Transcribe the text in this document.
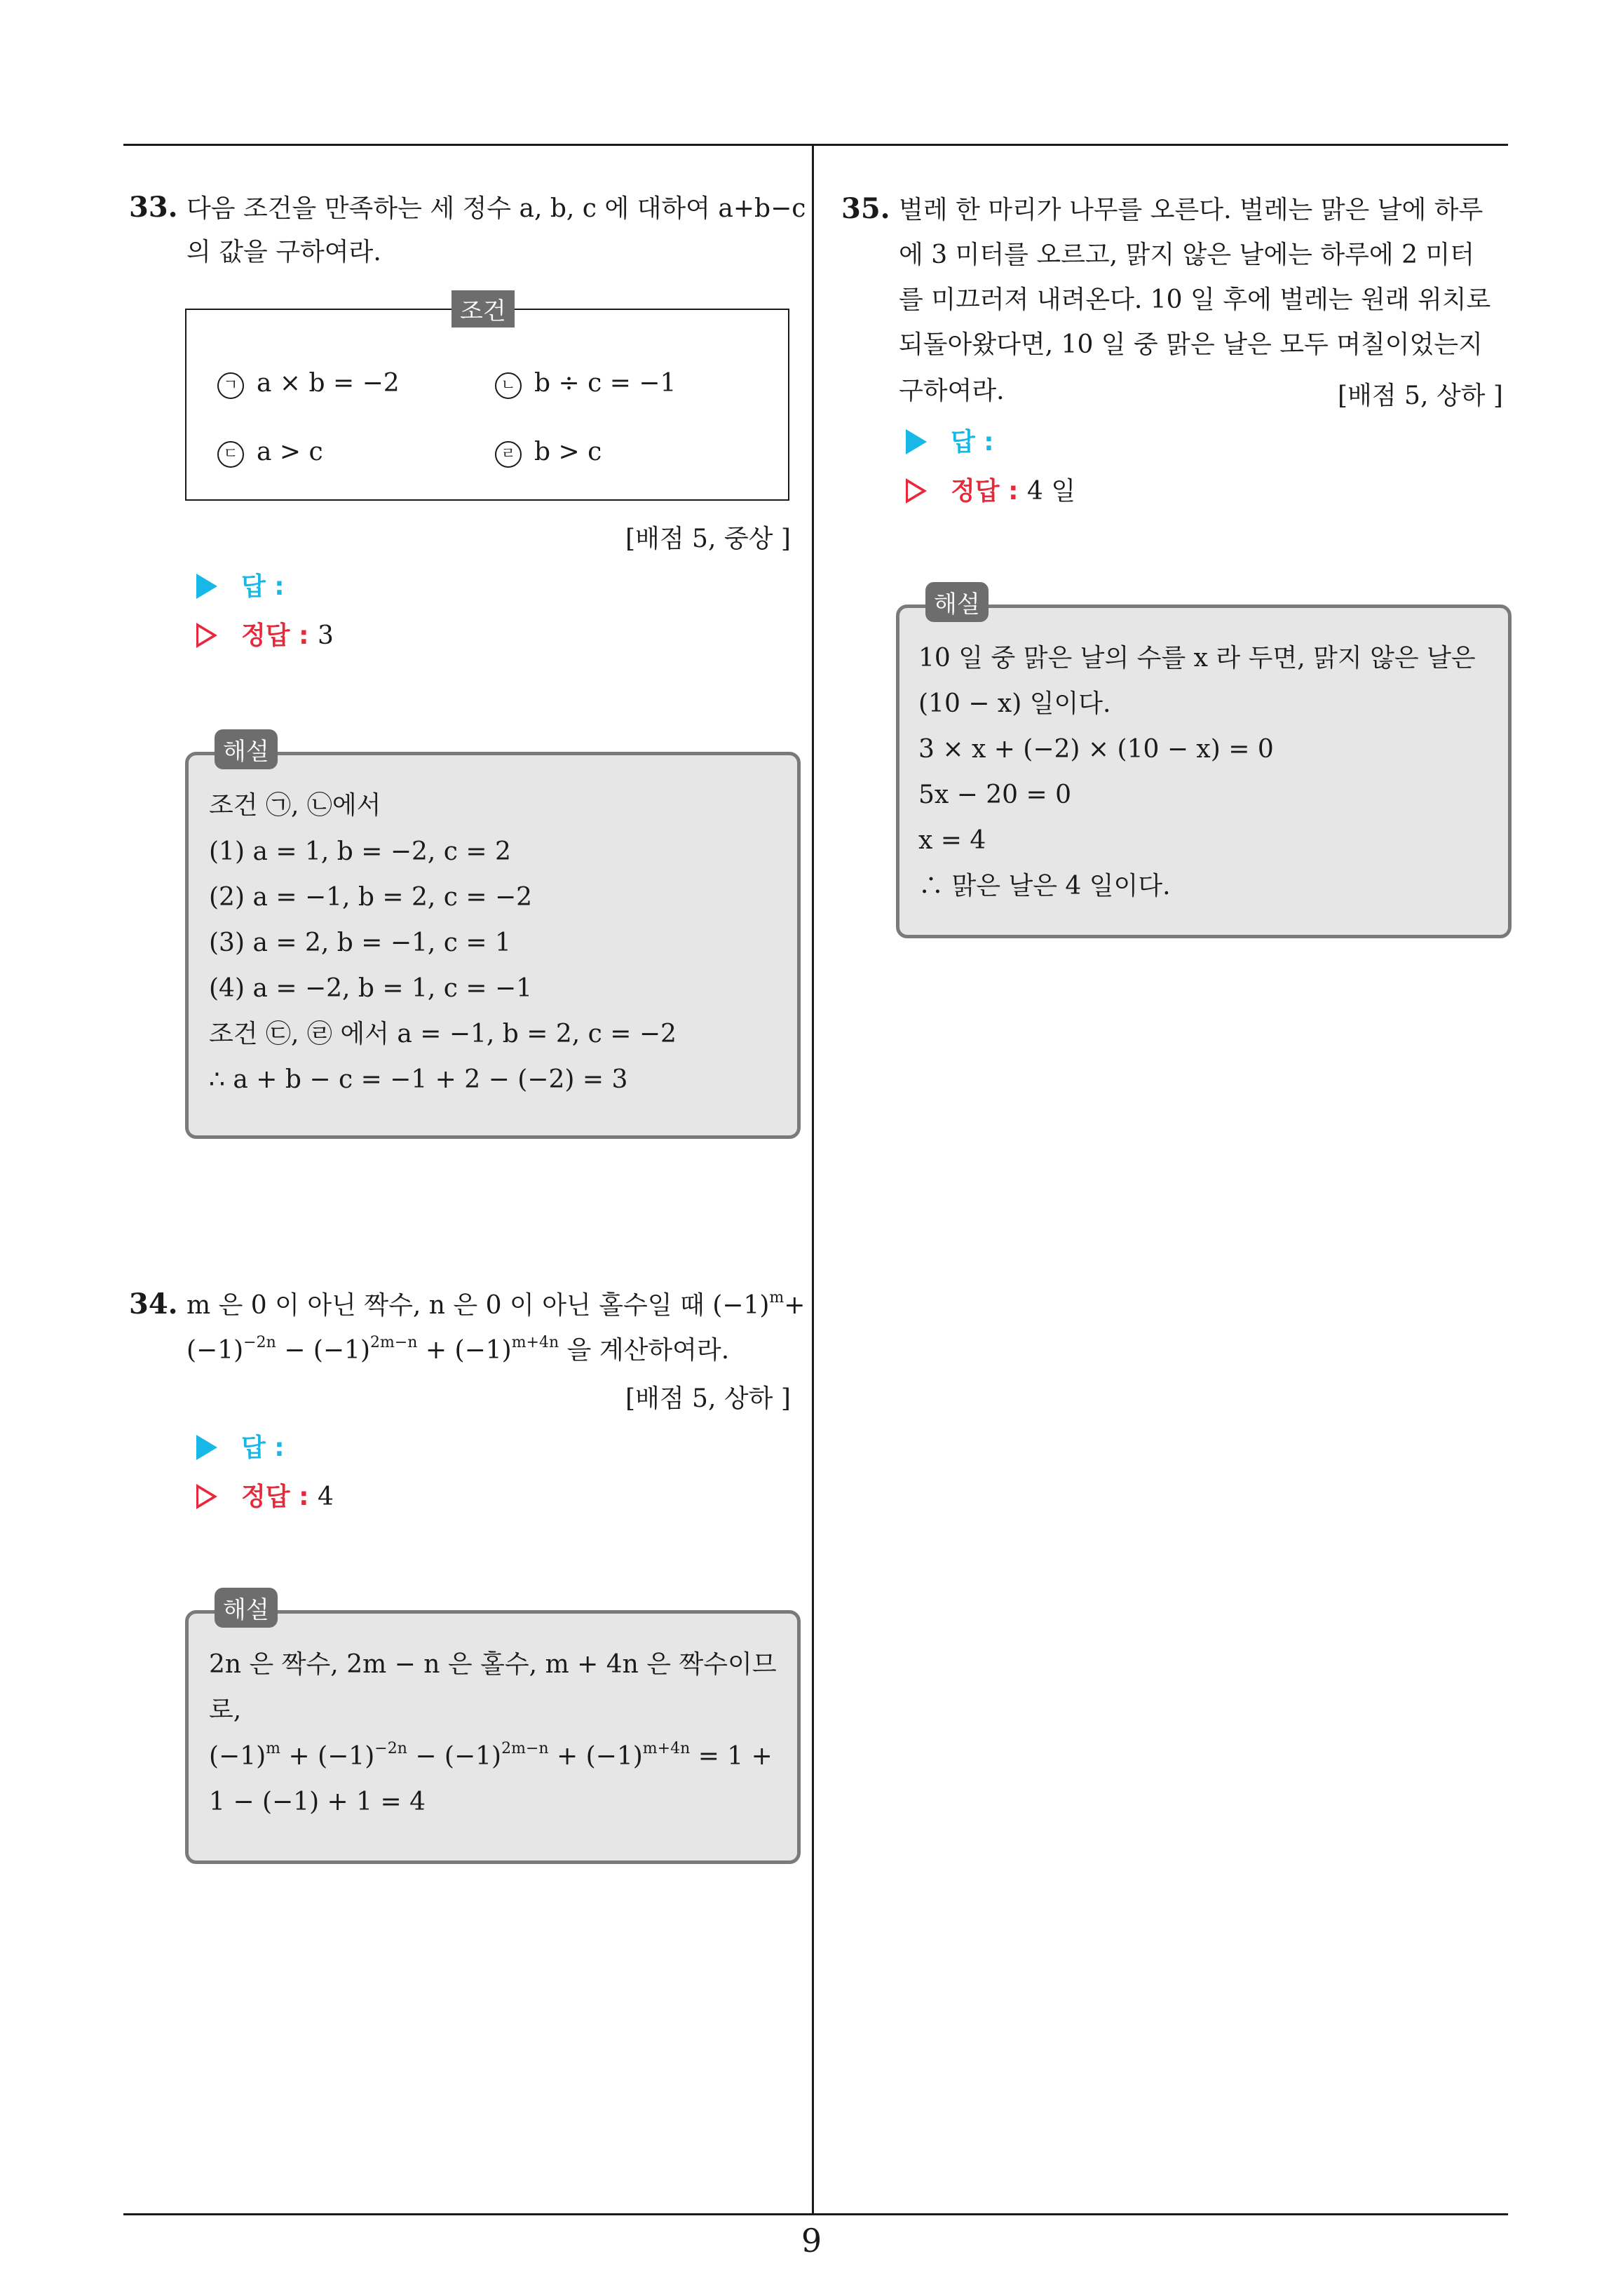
33. 다음 조건을 만족하는 세 정수 a, b, c 에 대하여 a+b−c
의 값을 구하여라.
조건
ㄱ a × b = −2	ㄴ b ÷ c = −1
ㄷ a > c	ㄹ b > c
[배점 5, 중상 ]
답 :
정답 : 3
해설
조건 ㉠, ㉡에서
(1) a = 1, b = −2, c = 2
(2) a = −1, b = 2, c = −2
(3) a = 2, b = −1, c = 1
(4) a = −2, b = 1, c = −1
조건 ㉢, ㉣ 에서 a = −1, b = 2, c = −2
∴ a + b − c = −1 + 2 − (−2) = 3
34. m 은 0 이 아닌 짝수, n 은 0 이 아닌 홀수일 때 $(-1)^m+$
$(-1)^{-2n} - (-1)^{2m-n} + (-1)^{m+4n}$ 을 계산하여라.
[배점 5, 상하 ]
답 :
정답 : 4
해설
2n 은 짝수, 2m − n 은 홀수, m + 4n 은 짝수이므
로,
$(-1)^m + (-1)^{-2n} - (-1)^{2m-n} + (-1)^{m+4n} = 1$ +
1 − (−1) + 1 = 4
35. 벌레 한 마리가 나무를 오른다. 벌레는 맑은 날에 하루
에 3 미터를 오르고, 맑지 않은 날에는 하루에 2 미터
를 미끄러져 내려온다. 10 일 후에 벌레는 원래 위치로
되돌아왔다면, 10 일 중 맑은 날은 모두 며칠이었는지
구하여라.	[배점 5, 상하 ]
답 :
정답 : 4 일
해설
10 일 중 맑은 날의 수를 x 라 두면, 맑지 않은 날은
(10 − x) 일이다.
3 × x + (−2) × (10 − x) = 0
5x − 20 = 0
x = 4
∴ 맑은 날은 4 일이다.
9
